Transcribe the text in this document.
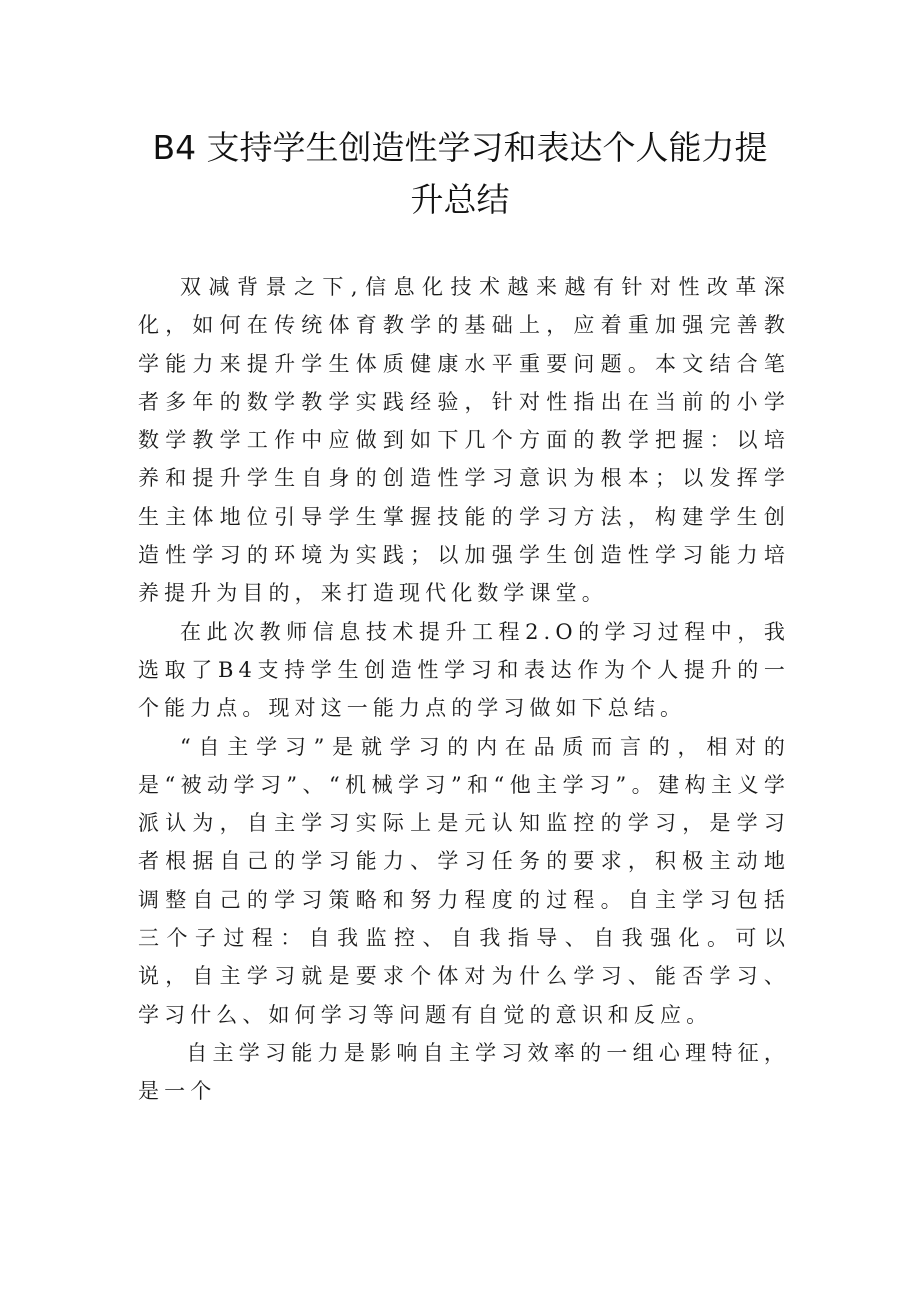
B4 支持学生创造性学习和表达个人能力提升总结

双减背景之下,信息化技术越来越有针对性改革深化，如何在传统体育教学的基础上，应着重加强完善教学能力来提升学生体质健康水平重要问题。本文结合笔者多年的数学教学实践经验，针对性指出在当前的小学数学教学工作中应做到如下几个方面的教学把握：以培养和提升学生自身的创造性学习意识为根本；以发挥学生主体地位引导学生掌握技能的学习方法，构建学生创造性学习的环境为实践；以加强学生创造性学习能力培养提升为目的，来打造现代化数学课堂。

在此次教师信息技术提升工程2.O的学习过程中，我选取了B4支持学生创造性学习和表达作为个人提升的一个能力点。现对这一能力点的学习做如下总结。

“自主学习”是就学习的内在品质而言的，相对的是“被动学习”、“机械学习”和“他主学习”。建构主义学派认为，自主学习实际上是元认知监控的学习，是学习者根据自己的学习能力、学习任务的要求，积极主动地调整自己的学习策略和努力程度的过程。自主学习包括三个子过程：自我监控、自我指导、自我强化。可以说，自主学习就是要求个体对为什么学习、能否学习、学习什么、如何学习等问题有自觉的意识和反应。

自主学习能力是影响自主学习效率的一组心理特征，是一个
